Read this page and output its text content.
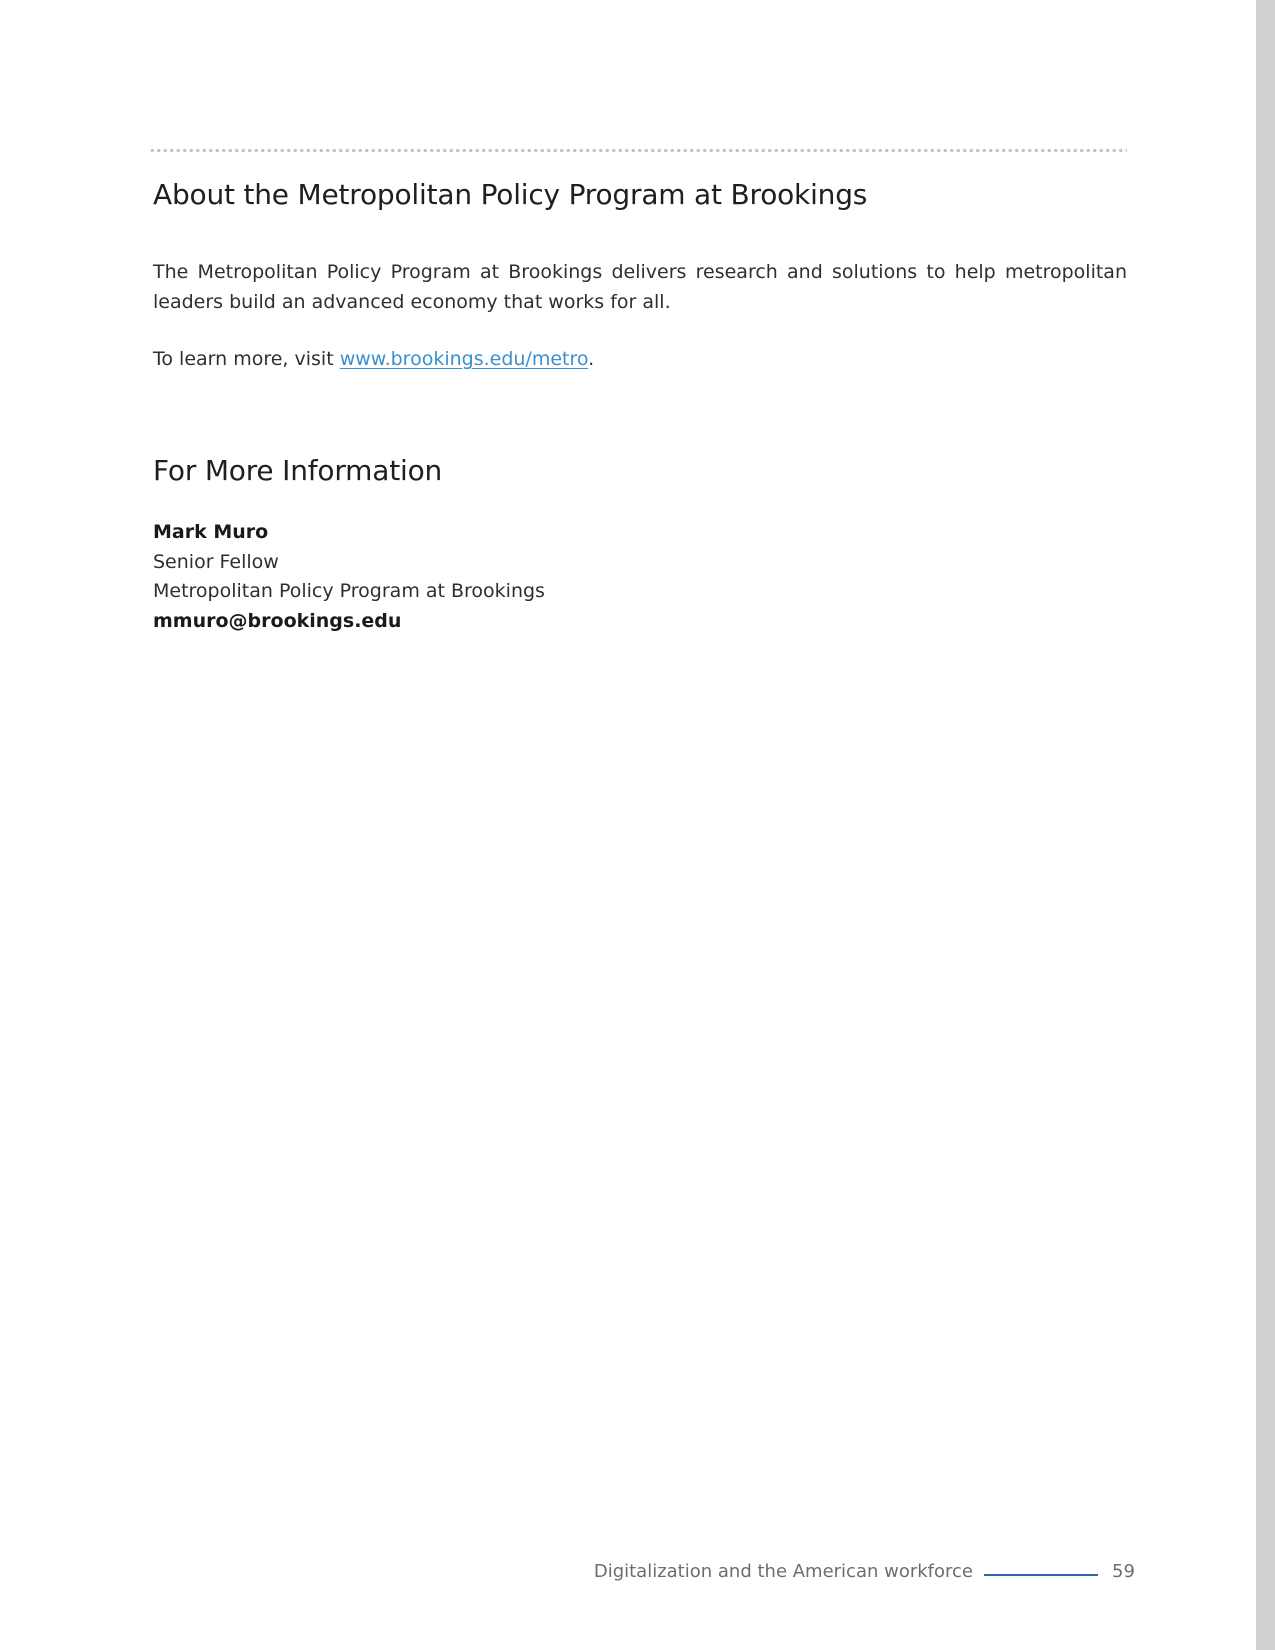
About the Metropolitan Policy Program at Brookings

The Metropolitan Policy Program at Brookings delivers research and solutions to help metropolitan leaders build an advanced economy that works for all.

To learn more, visit www.brookings.edu/metro.

For More Information
Mark Muro
Senior Fellow
Metropolitan Policy Program at Brookings
mmuro@brookings.edu
Digitalization and the American workforce	59
